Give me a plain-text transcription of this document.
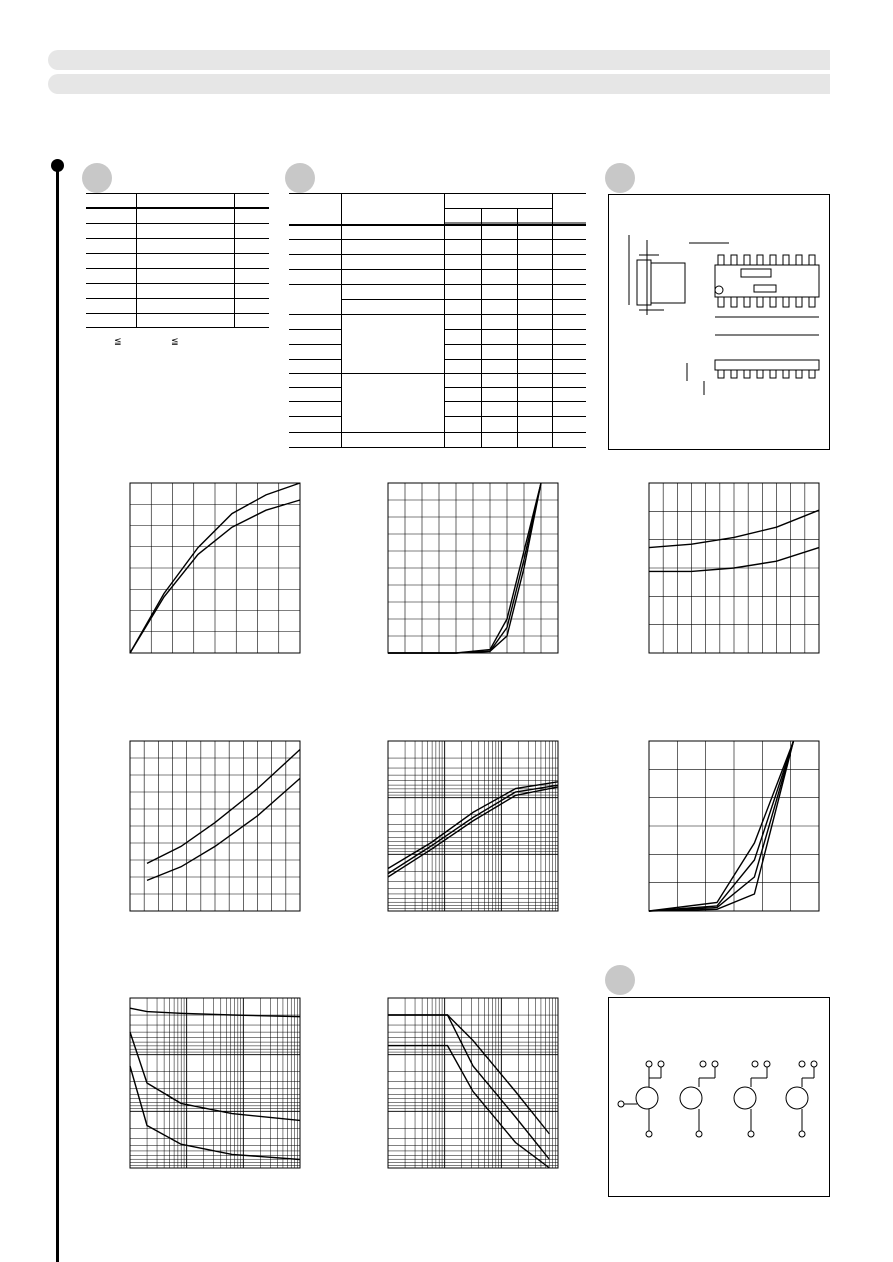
≦	≦
